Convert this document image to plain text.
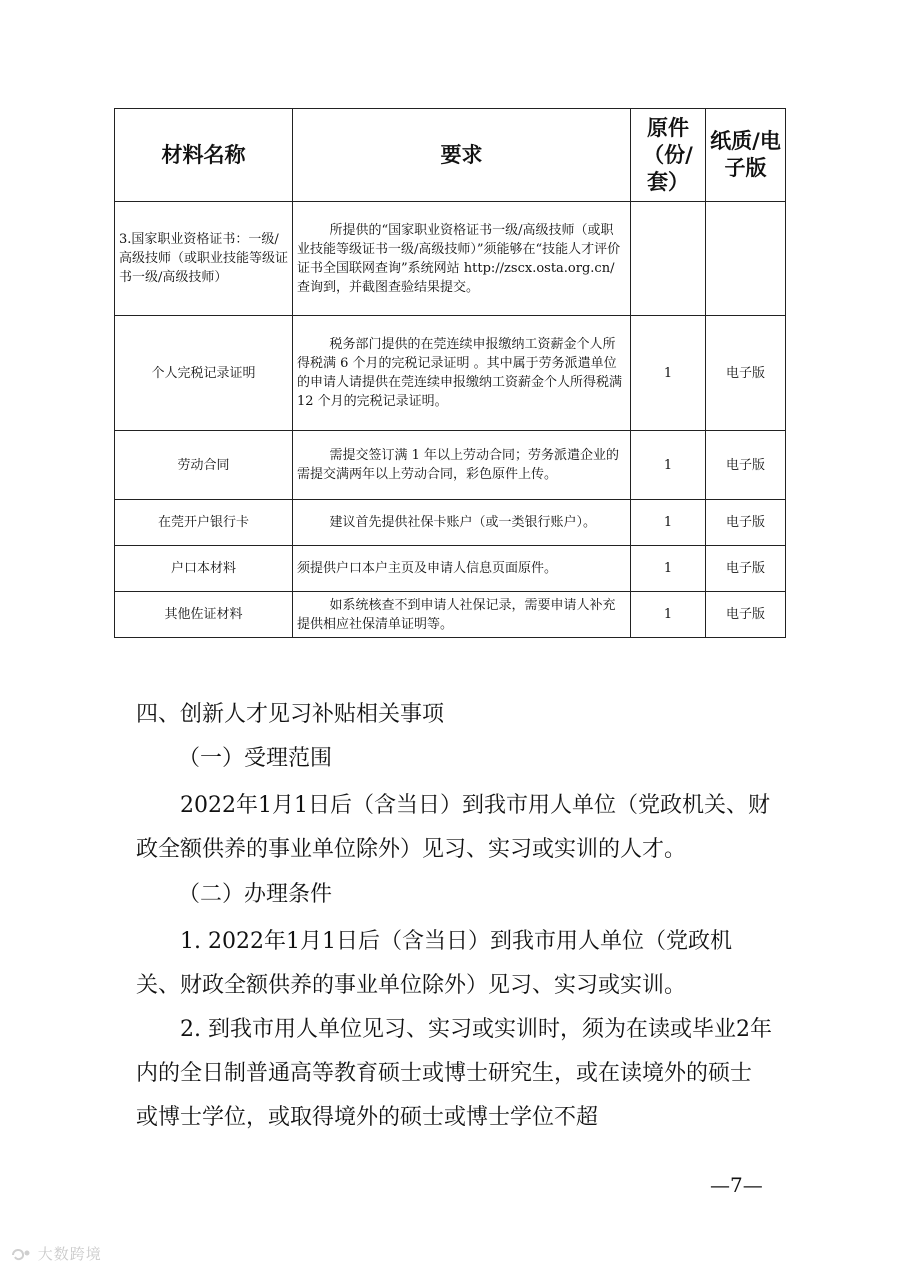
材料名称	要求	原件（份/套）	纸质/电子版
3.国家职业资格证书：一级/高级技师（或职业技能等级证书一级/高级技师）	所提供的“国家职业资格证书一级/高级技师（或职业技能等级证书一级/高级技师）”须能够在“技能人才评价证书全国联网查询”系统网站 http://zscx.osta.org.cn/查询到，并截图查验结果提交。		
个人完税记录证明	税务部门提供的在莞连续申报缴纳工资薪金个人所得税满 6 个月的完税记录证明 。其中属于劳务派遣单位的申请人请提供在莞连续申报缴纳工资薪金个人所得税满 12 个月的完税记录证明。	1	电子版
劳动合同	需提交签订满 1 年以上劳动合同；劳务派遣企业的需提交满两年以上劳动合同，彩色原件上传。	1	电子版
在莞开户银行卡	建议首先提供社保卡账户（或一类银行账户）。	1	电子版
户口本材料	须提供户口本户主页及申请人信息页面原件。	1	电子版
其他佐证材料	如系统核查不到申请人社保记录，需要申请人补充提供相应社保清单证明等。	1	电子版
四、创新人才见习补贴相关事项
（一）受理范围

2022年1月1日后（含当日）到我市用人单位（党政机关、财政全额供养的事业单位除外）见习、实习或实训的人才。

（二）办理条件

1. 2022年1月1日后（含当日）到我市用人单位（党政机关、财政全额供养的事业单位除外）见习、实习或实训。

2. 到我市用人单位见习、实习或实训时，须为在读或毕业2年内的全日制普通高等教育硕士或博士研究生，或在读境外的硕士或博士学位，或取得境外的硕士或博士学位不超

—7—
大数跨境
